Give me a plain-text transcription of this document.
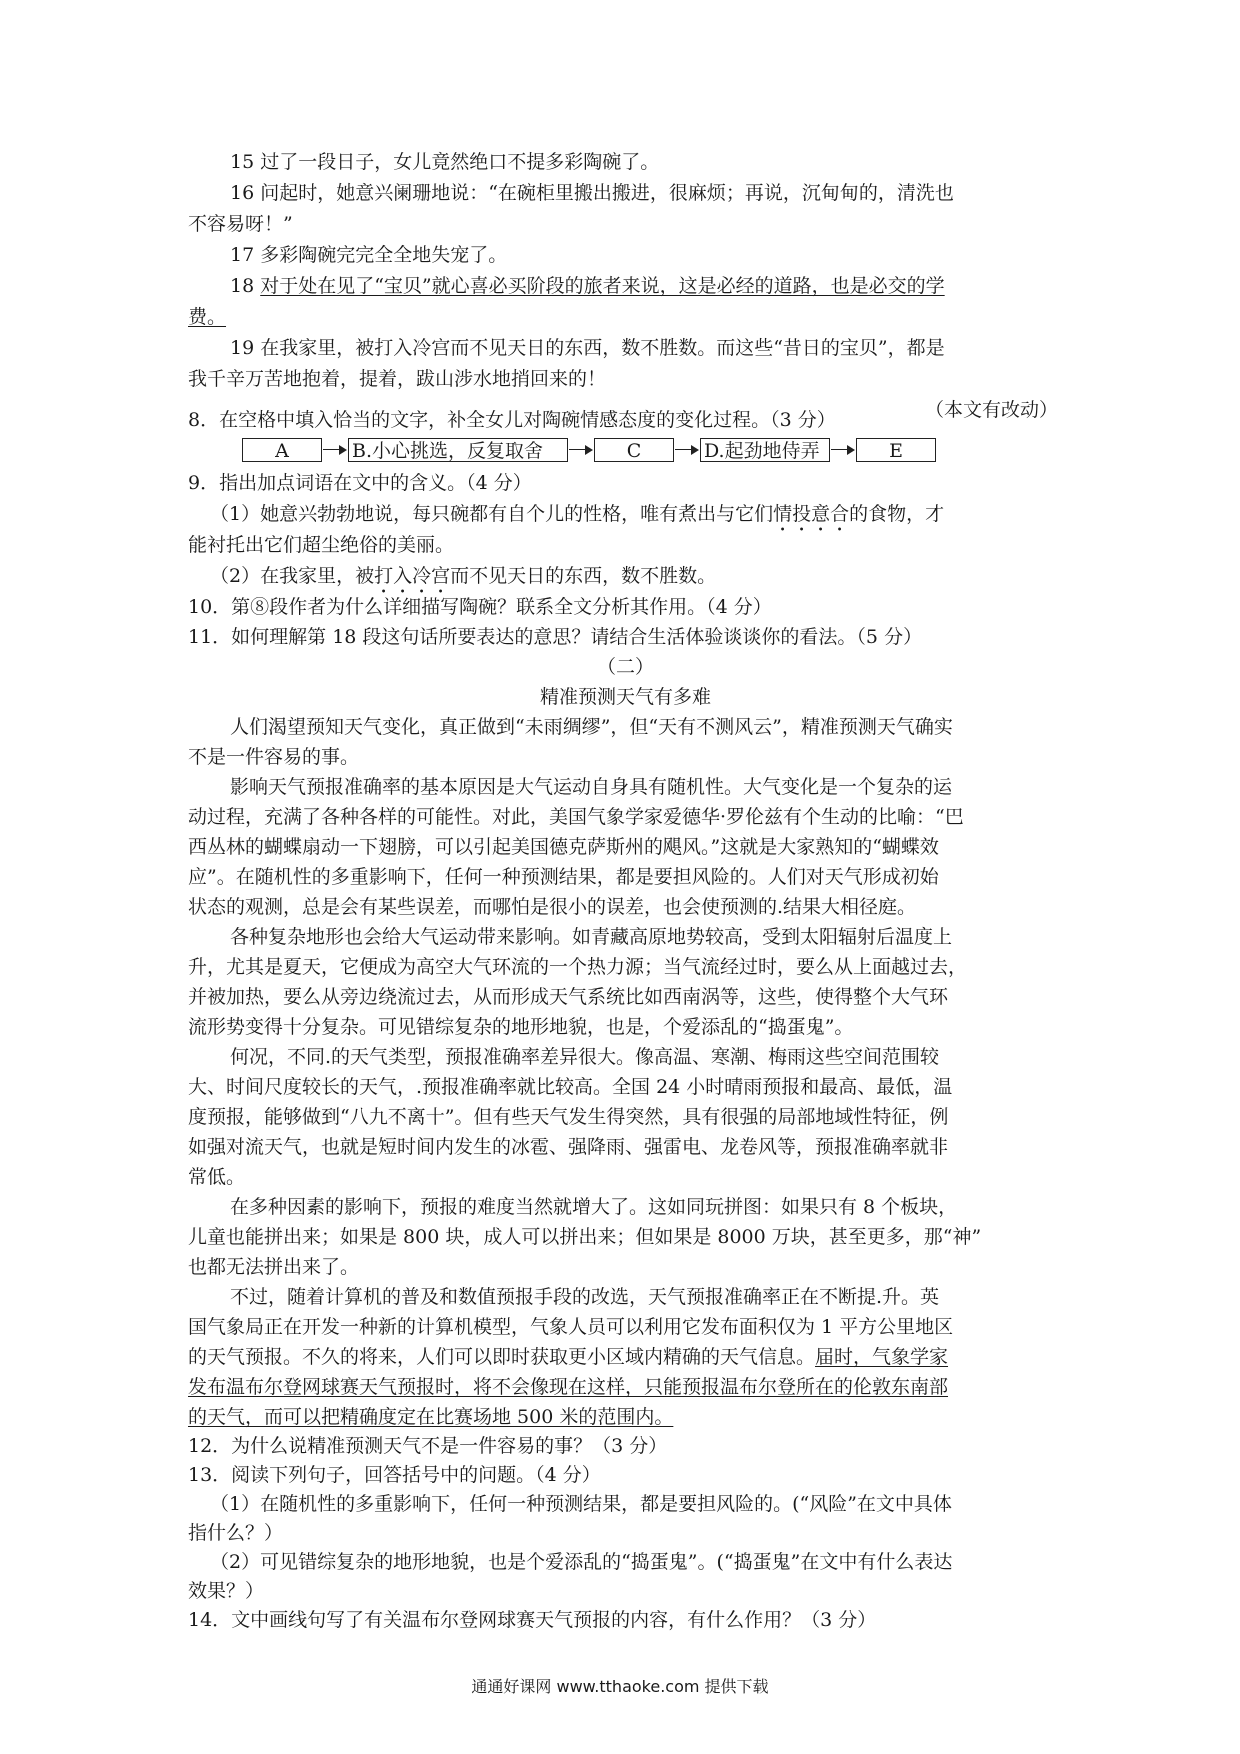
15 过了一段日子，女儿竟然绝口不提多彩陶碗了。
16 问起时，她意兴阑珊地说：“在碗柜里搬出搬进，很麻烦；再说，沉甸甸的，清洗也
不容易呀！”
17 多彩陶碗完完全全地失宠了。
18 对于处在见了“宝贝”就心喜必买阶段的旅者来说，这是必经的道路，也是必交的学
费。
19 在我家里，被打入冷宫而不见天日的东西，数不胜数。而这些“昔日的宝贝”，都是
我千辛万苦地抱着，提着，跋山涉水地捎回来的！
（本文有改动）
8．在空格中填入恰当的文字，补全女儿对陶碗情感态度的变化过程。（3 分）
A	B.小心挑选，反复取舍	C	D.起劲地侍弄	E
9．指出加点词语在文中的含义。（4 分）
（1）她意兴勃勃地说，每只碗都有自个儿的性格，唯有煮出与它们情投意合的食物，才
能衬托出它们超尘绝俗的美丽。
（2）在我家里，被打入冷宫而不见天日的东西，数不胜数。
10．第⑧段作者为什么详细描写陶碗？联系全文分析其作用。（4 分）
11．如何理解第 18 段这句话所要表达的意思？请结合生活体验谈谈你的看法。（5 分）
（二）
精准预测天气有多难
人们渴望预知天气变化，真正做到“未雨绸缪”，但“天有不测风云”，精准预测天气确实
不是一件容易的事。
影响天气预报准确率的基本原因是大气运动自身具有随机性。大气变化是一个复杂的运
动过程，充满了各种各样的可能性。对此，美国气象学家爱德华·罗伦兹有个生动的比喻：“巴
西丛林的蝴蝶扇动一下翅膀，可以引起美国德克萨斯州的飓风。”这就是大家熟知的“蝴蝶效
应”。在随机性的多重影响下，任何一种预测结果，都是要担风险的。人们对天气形成初始
状态的观测，总是会有某些误差，而哪怕是很小的误差，也会使预测的.结果大相径庭。
各种复杂地形也会给大气运动带来影响。如青藏高原地势较高，受到太阳辐射后温度上
升，尤其是夏天，它便成为高空大气环流的一个热力源；当气流经过时，要么从上面越过去，
并被加热，要么从旁边绕流过去，从而形成天气系统比如西南涡等，这些，使得整个大气环
流形势变得十分复杂。可见错综复杂的地形地貌，也是，个爱添乱的“捣蛋鬼”。
何况，不同.的天气类型，预报准确率差异很大。像高温、寒潮、梅雨这些空间范围较
大、时间尺度较长的天气，.预报准确率就比较高。全国 24 小时晴雨预报和最高、最低，温
度预报，能够做到“八九不离十”。但有些天气发生得突然，具有很强的局部地域性特征，例
如强对流天气，也就是短时间内发生的冰雹、强降雨、强雷电、龙卷风等，预报准确率就非
常低。
在多种因素的影响下，预报的难度当然就增大了。这如同玩拼图：如果只有 8 个板块，
儿童也能拼出来；如果是 800 块，成人可以拼出来；但如果是 8000 万块，甚至更多，那“神”
也都无法拼出来了。
不过，随着计算机的普及和数值预报手段的改选，天气预报准确率正在不断提.升。英
国气象局正在开发一种新的计算机模型，气象人员可以利用它发布面积仅为 1 平方公里地区
的天气预报。不久的将来，人们可以即时获取更小区域内精确的天气信息。届时，气象学家
发布温布尔登网球赛天气预报时，将不会像现在这样，只能预报温布尔登所在的伦敦东南部
的天气，而可以把精确度定在比赛场地 500 米的范围内。
12．为什么说精准预测天气不是一件容易的事？（3 分）
13．阅读下列句子，回答括号中的问题。（4 分）
（1）在随机性的多重影响下，任何一种预测结果，都是要担风险的。(“风险”在文中具体
指什么？）
（2）可见错综复杂的地形地貌，也是个爱添乱的“捣蛋鬼”。(“捣蛋鬼”在文中有什么表达
效果？）
14．文中画线句写了有关温布尔登网球赛天气预报的内容，有什么作用？（3 分）
通通好课网 www.tthaoke.com 提供下载
